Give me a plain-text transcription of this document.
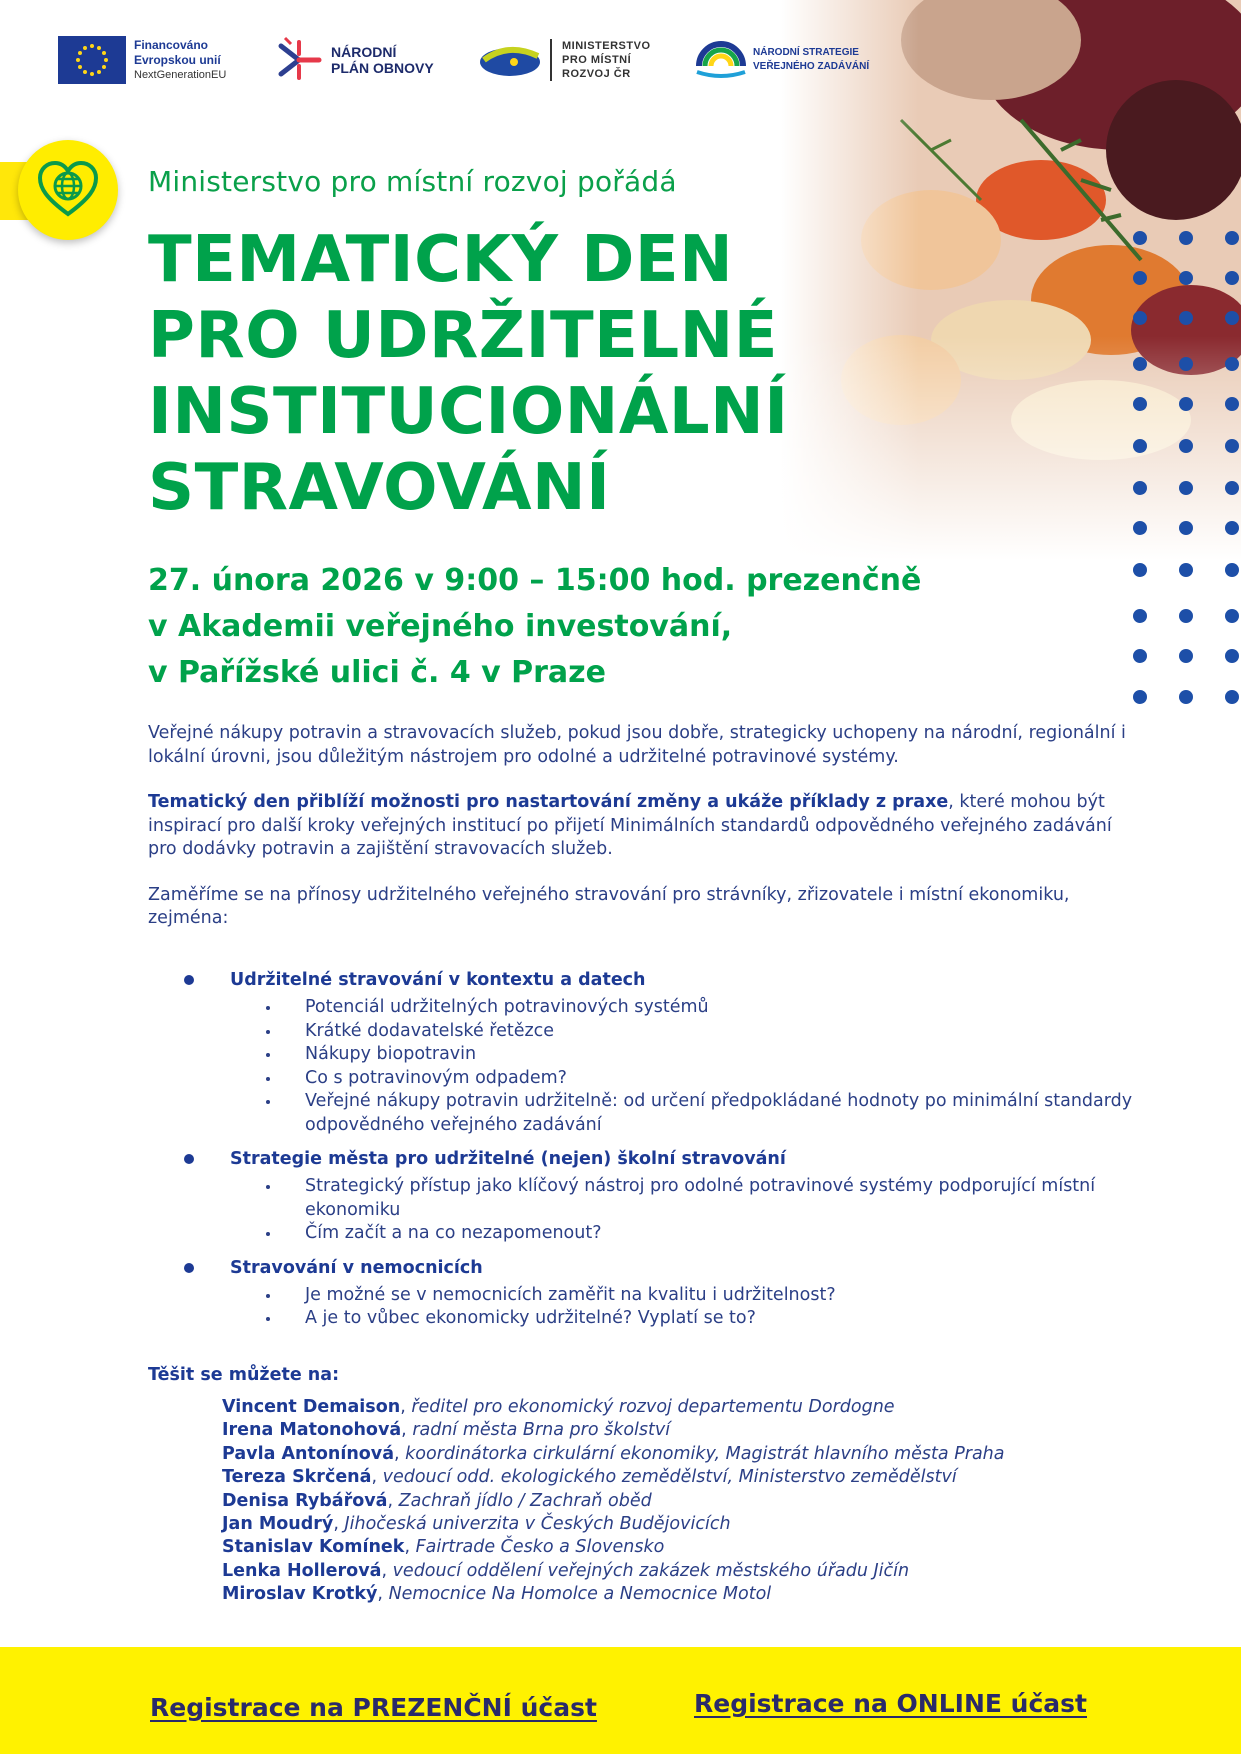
Financováno
Evropskou unií
NextGenerationEU
NÁRODNÍ
PLÁN OBNOVY
MINISTERSTVO
PRO MÍSTNÍ
ROZVOJ ČR
NÁRODNÍ STRATEGIE
VEŘEJNÉHO ZADÁVÁNÍ
Ministerstvo pro místní rozvoj pořádá
TEMATICKÝ DEN
PRO UDRŽITELNÉ
INSTITUCIONÁLNÍ
STRAVOVÁNÍ
27. února 2026 v 9:00 – 15:00 hod. prezenčně
v Akademii veřejného investování,
v Pařížské ulici č. 4 v Praze

Veřejné nákupy potravin a stravovacích služeb, pokud jsou dobře, strategicky uchopeny na národní, regionální i lokální úrovni, jsou důležitým nástrojem pro odolné a udržitelné potravinové systémy.

Tematický den přiblíží možnosti pro nastartování změny a ukáže příklady z praxe, které mohou být inspirací pro další kroky veřejných institucí po přijetí Minimálních standardů odpovědného veřejného zadávání pro dodávky potravin a zajištění stravovacích služeb.

Zaměříme se na přínosy udržitelného veřejného stravování pro strávníky, zřizovatele i místní ekonomiku, zejména:

Udržitelné stravování v kontextu a datech
Potenciál udržitelných potravinových systémů
Krátké dodavatelské řetězce
Nákupy biopotravin
Co s potravinovým odpadem?
Veřejné nákupy potravin udržitelně: od určení předpokládané hodnoty po minimální standardy odpovědného veřejného zadávání
Strategie města pro udržitelné (nejen) školní stravování
Strategický přístup jako klíčový nástroj pro odolné potravinové systémy podporující místní ekonomiku
Čím začít a na co nezapomenout?
Stravování v nemocnicích
Je možné se v nemocnicích zaměřit na kvalitu i udržitelnost?
A je to vůbec ekonomicky udržitelné? Vyplatí se to?
Těšit se můžete na:
Vincent Demaison, ředitel pro ekonomický rozvoj departementu Dordogne
Irena Matonohová, radní města Brna pro školství
Pavla Antonínová, koordinátorka cirkulární ekonomiky, Magistrát hlavního města Praha
Tereza Skrčená, vedoucí odd. ekologického zemědělství, Ministerstvo zemědělství
Denisa Rybářová, Zachraň jídlo / Zachraň oběd
Jan Moudrý, Jihočeská univerzita v Českých Budějovicích
Stanislav Komínek, Fairtrade Česko a Slovensko
Lenka Hollerová, vedoucí oddělení veřejných zakázek městského úřadu Jičín
Miroslav Krotký, Nemocnice Na Homolce a Nemocnice Motol
Registrace na PREZENČNÍ účast	Registrace na ONLINE účast
